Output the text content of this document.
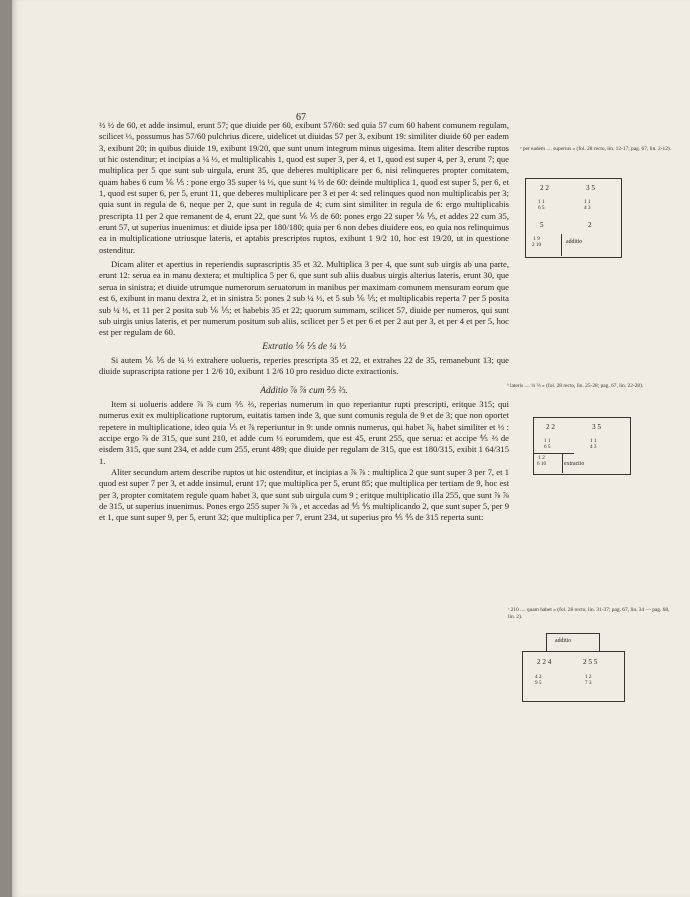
67

½ ½ de 60, et adde insimul, erunt 57; que diuide per 60, exibunt 57/60: sed quia 57 cum 60 habent comunem regulam, scilicet ⅓, possumus has 57/60 pulchrius dicere, uidelicet ut diuidas 57 per 3, exibunt 19: similiter diuide 60 per eadem 3, exibunt 20; in quibus diuide 19, exibunt 19/20, que sunt unum integrum minus uigesima. Item aliter describe ruptos ut hic ostenditur; et incipias a ¼ ⅓, et multiplicabis 1, quod est super 3, per 4, et 1, quod est super 4, per 3, erunt 7; que multiplica per 5 que sunt sub uirgula, erunt 35, que deberes multiplicare per 6, nisi relinqueres propter comitatem, quam habes 6 cum ⅙ ⅕ : pone ergo 35 super ¼ ⅓, que sunt ¼ ⅓ de 60: deinde multiplica 1, quod est super 5, per 6, et 1, quod est super 6, per 5, erunt 11, que deberes multiplicare per 3 et per 4: sed relinques quod non multiplicabis per 3; quia sunt in regula de 6, neque per 2, que sunt in regula de 4; cum sint similiter in regula de 6: ergo multiplicabis prescripta 11 per 2 que remanent de 4, erunt 22, que sunt ⅙ ⅕ de 60: pones ergo 22 super ⅙ ⅕, et addes 22 cum 35, erunt 57, ut superius inuenimus: et diuide ipsa per 180/180; quia per 6 non debes diuidere eos, eo quia nos relinquimus ea in multiplicatione utriusque lateris, et aptabis prescriptos ruptos, exibunt 1 9/2 10, hoc est 19/20, ut in questione ostenditur.

Dicam aliter et apertius in reperiendis suprascriptis 35 et 32. Multiplica 3 per 4, que sunt sub uirgis ab una parte, erunt 12: serua ea in manu dextera; et multiplica 5 per 6, que sunt sub aliis duabus uirgis alterius lateris, erunt 30, que serua in sinistra; et diuide utrumque numerorum seruatorum in manibus per maximam comunem mensuram eorum que est 6, exibunt in manu dextra 2, et in sinistra 5: pones 2 sub ¼ ⅓, et 5 sub ⅙ ⅕; et multiplicabis reperta 7 per 5 posita sub ¼ ⅓, et 11 per 2 posita sub ⅙ ⅕; et habebis 35 et 22; quorum summam, scilicet 57, diuide per numeros, qui sunt sub uirgis unius lateris, et per numerum positum sub aliis, scilicet per 5 et per 6 et per 2 aut per 3, et per 4 et per 5, hoc est per regulam de 60.

Extratio ⅙ ⅕ de ¼ ⅓

Si autem ⅙ ⅕ de ¼ ⅓ extrahere uolueris, reperies prescripta 35 et 22, et extrahes 22 de 35, remanebunt 13; que diuide suprascripta ratione per 1 2/6 10, exibunt 1 2/6 10 pro residuo dicte extractionis.

Additio ⅞ ⅞ cum ⅖ ⅔.

Item si uolueris addere ⅞ ⅞ cum ⅖ ⅔, reperias numerum in quo reperiantur rupti prescripti, eritque 315; qui numerus exit ex multiplicatione ruptorum, euitatis tamen inde 3, que sunt comunis regula de 9 et de 3; que non oportet repetere in multiplicatione, ideo quia ⅕ et ⅞ reperiuntur in 9: unde omnis numerus, qui habet ⅞, habet similiter et ⅓ : accipe ergo ⅞ de 315, que sunt 210, et adde cum ⅓ eorumdem, que est 45, erunt 255, que serua: et accipe ⅘ ⅔ de eisdem 315, que sunt 234, et adde cum 255, erunt 489; que diuide per regulam de 315, que est 180/315, exibit 1 64/315 1.

Aliter secundum artem describe ruptos ut hic ostenditur, et incipias a ⅞ ⅞ : multiplica 2 que sunt super 3 per 7, et 1 quod est super 7 per 3, et adde insimul, erunt 17; que multiplica per 5, erunt 85; que multiplica per tertiam de 9, hoc est per 3, propter comitatem regule quam habet 3, que sunt sub uirgula cum 9 ; eritque multiplicatio illa 255, que sunt ⅞ ⅞ de 315, ut superius inuenimus. Pones ergo 255 super ⅞ ⅞ , et accedas ad ⅘ ⅘ multiplicando 2, que sunt super 5, per 9 et 1, que sunt super 9, per 5, erunt 32; que multiplica per 7, erunt 234, ut superius pro ⅘ ⅘ de 315 reperta sunt:

ᵃ per eadem .... superius » (fol. 28 recto, lin. 12-17; pag. 67, lin. 2-12).
ᵇ lateris .... ⅓ ⅔ » (fol. 28 recto, lin. 25-28; pag. 67, lin. 22-28).
ᶜ 210 .... quam habet » (fol. 28 recto, lin. 31-37; pag. 67, lin. 34 — pag. 68, lin. 2).
2 2	3 5
1 1
6 5
1 1
4 3
5	2
1 9
2 10	additio
2 2	3 5
1 1
6 5
1 1
4 3
1 2
6 10	extractio
additio
2 2 4	2 5 5
4 2
9 5
1 2
7 3
